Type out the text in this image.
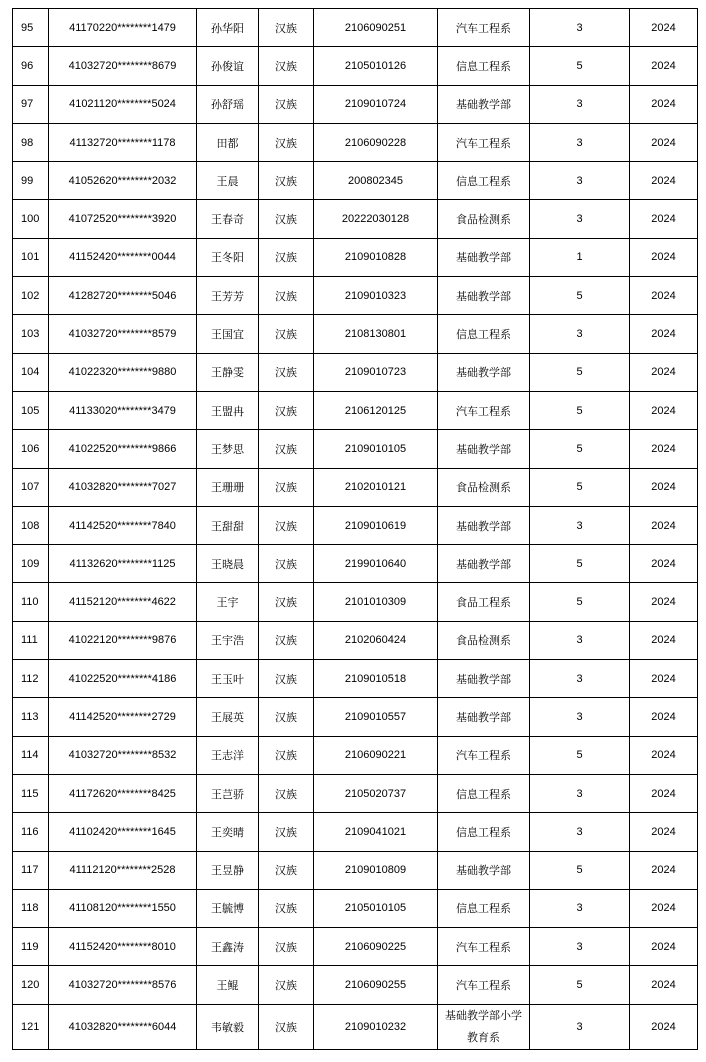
95	41170220********1479	孙华阳	汉族	2106090251	汽车工程系	3	2024
96	41032720********8679	孙俊谊	汉族	2105010126	信息工程系	5	2024
97	41021120********5024	孙舒瑶	汉族	2109010724	基础教学部	3	2024
98	41132720********1178	田都	汉族	2106090228	汽车工程系	3	2024
99	41052620********2032	王晨	汉族	200802345	信息工程系	3	2024
100	41072520********3920	王春奇	汉族	20222030128	食品检测系	3	2024
101	41152420********0044	王冬阳	汉族	2109010828	基础教学部	1	2024
102	41282720********5046	王芳芳	汉族	2109010323	基础教学部	5	2024
103	41032720********8579	王国宜	汉族	2108130801	信息工程系	3	2024
104	41022320********9880	王静雯	汉族	2109010723	基础教学部	5	2024
105	41133020********3479	王盟冉	汉族	2106120125	汽车工程系	5	2024
106	41022520********9866	王梦思	汉族	2109010105	基础教学部	5	2024
107	41032820********7027	王珊珊	汉族	2102010121	食品检测系	5	2024
108	41142520********7840	王甜甜	汉族	2109010619	基础教学部	3	2024
109	41132620********1125	王晓晨	汉族	2199010640	基础教学部	5	2024
110	41152120********4622	王宇	汉族	2101010309	食品工程系	5	2024
111	41022120********9876	王宇浩	汉族	2102060424	食品检测系	3	2024
112	41022520********4186	王玉叶	汉族	2109010518	基础教学部	3	2024
113	41142520********2729	王展英	汉族	2109010557	基础教学部	3	2024
114	41032720********8532	王志洋	汉族	2106090221	汽车工程系	5	2024
115	41172620********8425	王芑骄	汉族	2105020737	信息工程系	3	2024
116	41102420********1645	王奕晴	汉族	2109041021	信息工程系	3	2024
117	41112120********2528	王昱静	汉族	2109010809	基础教学部	5	2024
118	41108120********1550	王毓博	汉族	2105010105	信息工程系	3	2024
119	41152420********8010	王鑫涛	汉族	2106090225	汽车工程系	3	2024
120	41032720********8576	王鲲	汉族	2106090255	汽车工程系	5	2024
121	41032820********6044	韦敏毅	汉族	2109010232	基础教学部小学教育系	3	2024
